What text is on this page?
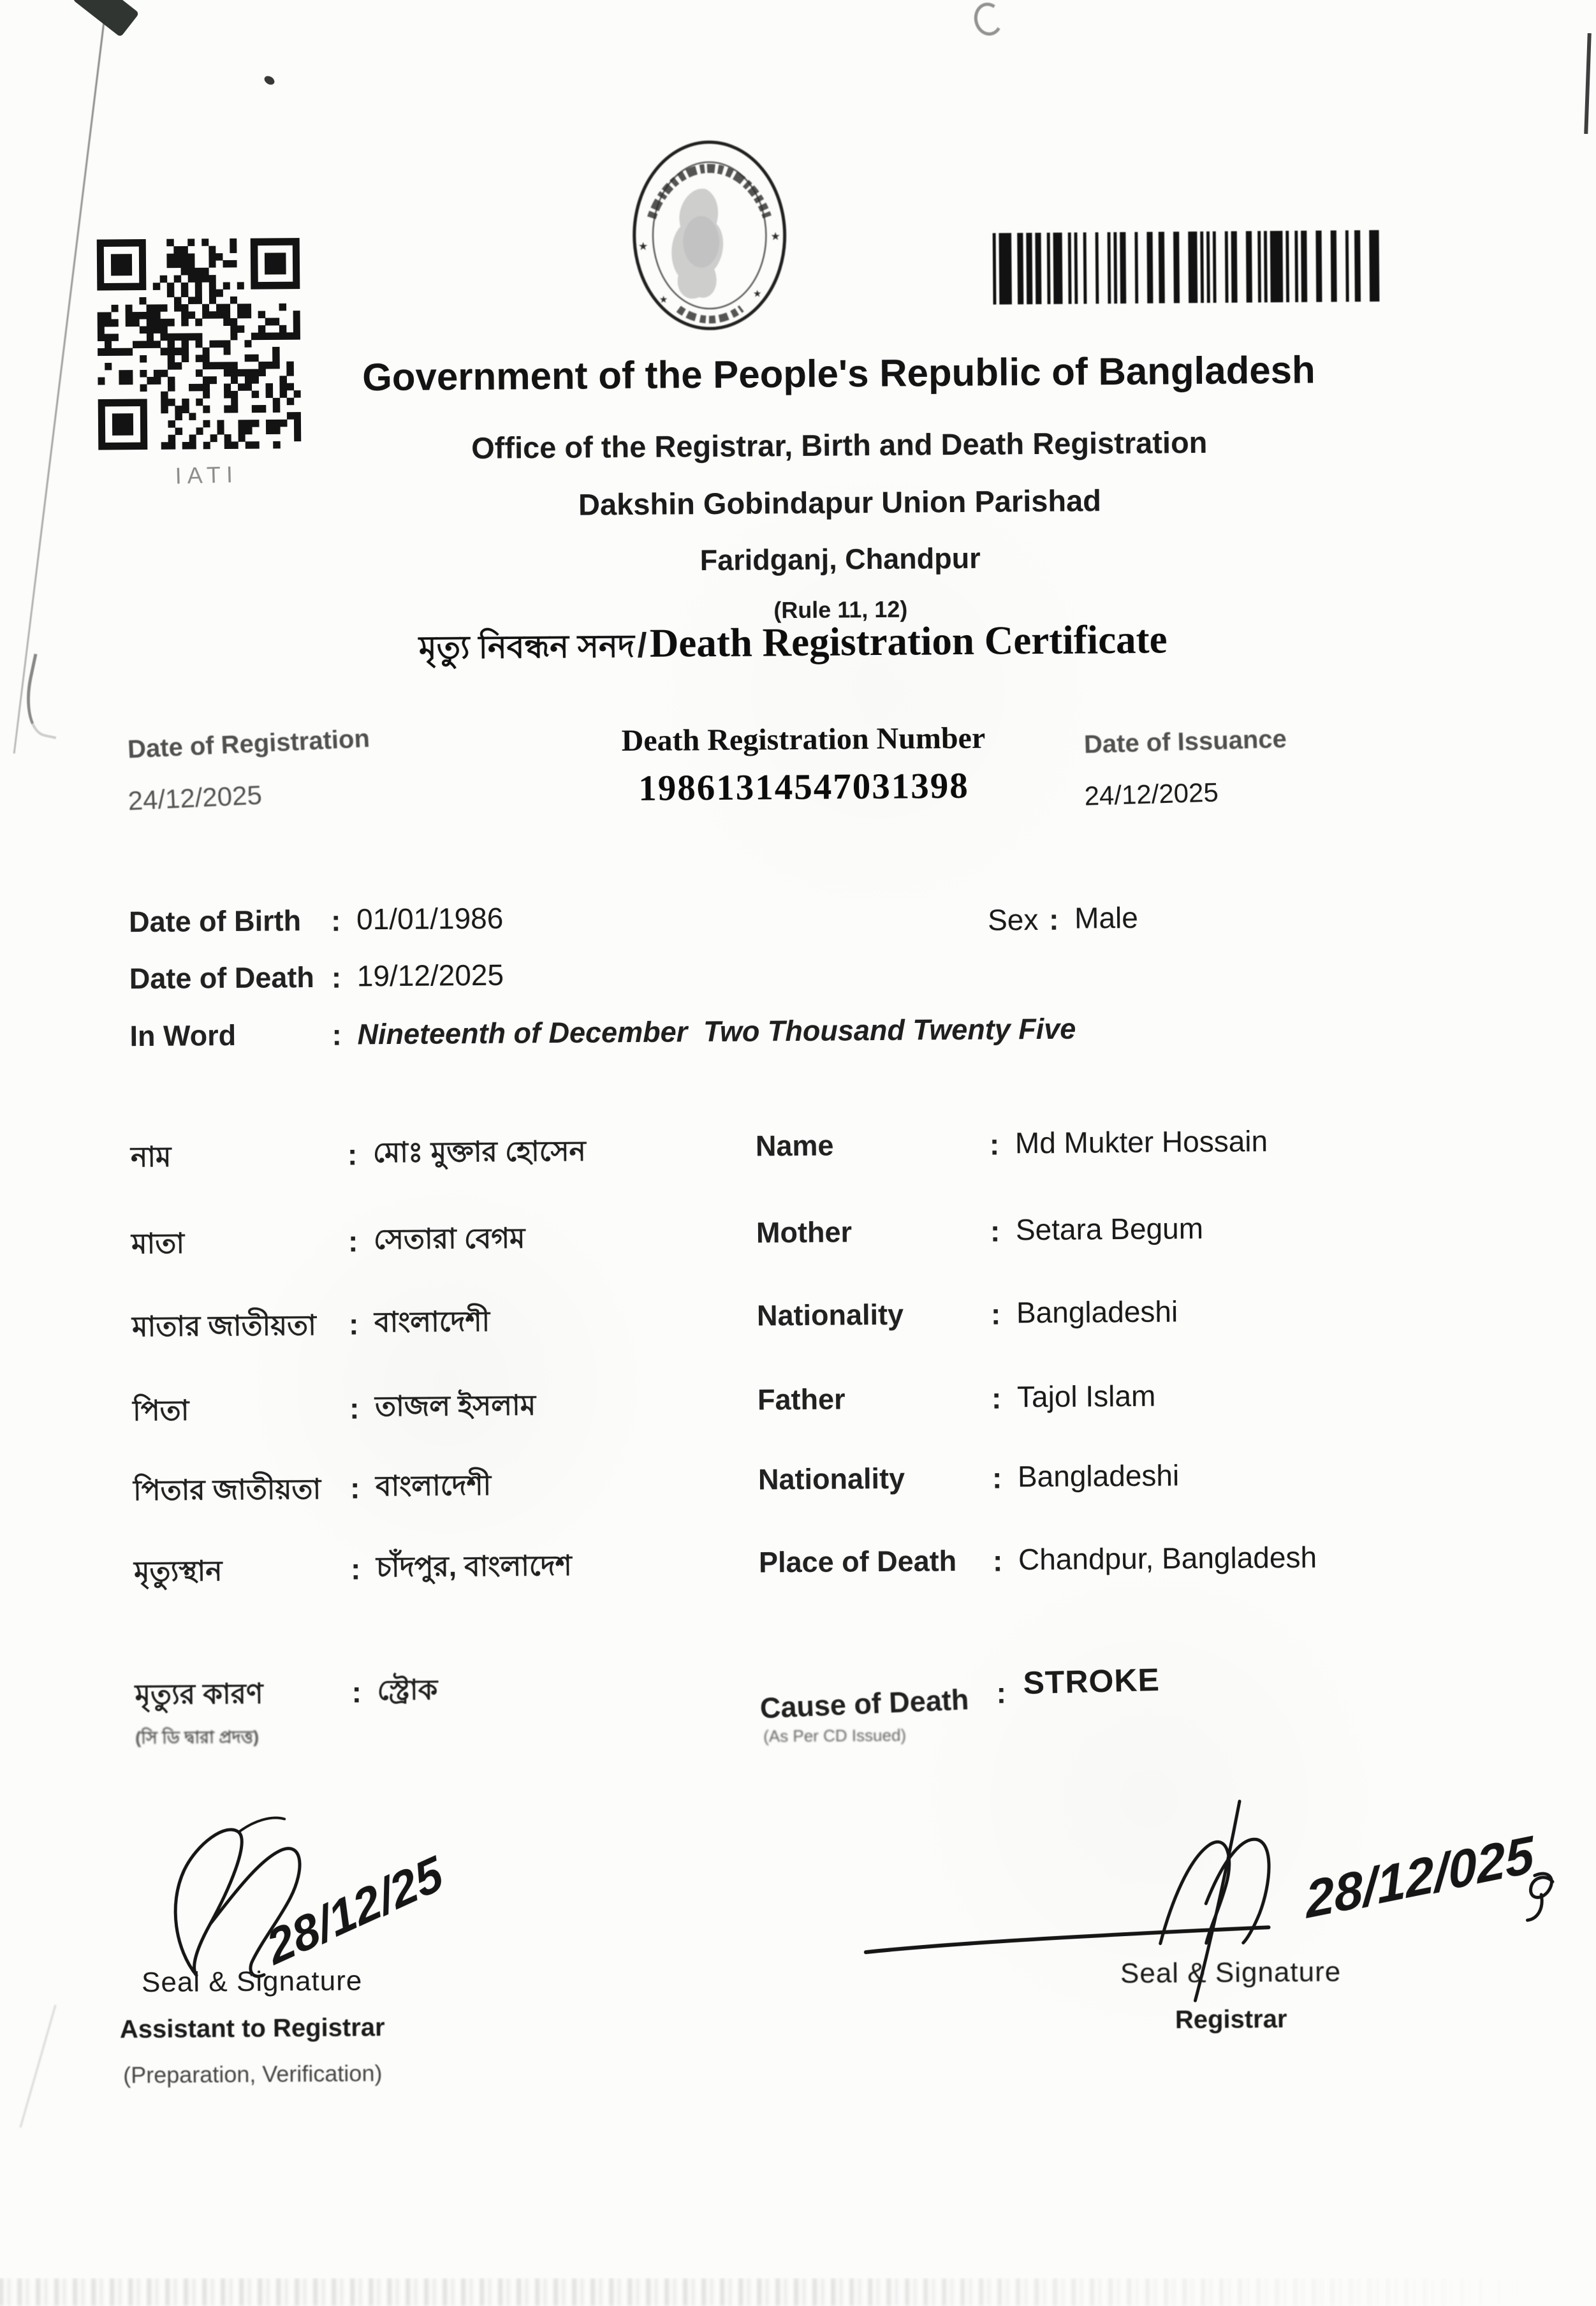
IATI
★
★
★
★
Government of the People's Republic of Bangladesh
Office of the Registrar, Birth and Death Registration
Dakshin Gobindapur Union Parishad
Faridganj, Chandpur
(Rule 11, 12)
মৃত্যু নিবন্ধন সনদ / Death Registration Certificate
Date of Registration
24/12/2025
Death Registration Number
19861314547031398
Date of Issuance
24/12/2025
Date of Birth : 01/01/1986	Sex : Male
Date of Death : 19/12/2025
In Word	: Nineteenth of December  Two Thousand Twenty Five
নাম	: মোঃ মুক্তার হোসেন	Name	: Md Mukter Hossain
মাতা	: সেতারা বেগম	Mother	: Setara Begum
মাতার জাতীয়তা : বাংলাদেশী	Nationality	: Bangladeshi
পিতা	: তাজল ইসলাম	Father	: Tajol Islam
পিতার জাতীয়তা : বাংলাদেশী	Nationality	: Bangladeshi
মৃত্যুস্থান	: চাঁদপুর, বাংলাদেশ	Place of Death : Chandpur, Bangladesh
মৃত্যুর কারণ	: স্ট্রোক	Cause of Death : STROKE
(সি ডি দ্বারা প্রদত্ত)	(As Per CD Issued)
28/12/25
Seal & Signature
Assistant to Registrar
(Preparation, Verification)
28/12/025
Seal & Signature
Registrar
